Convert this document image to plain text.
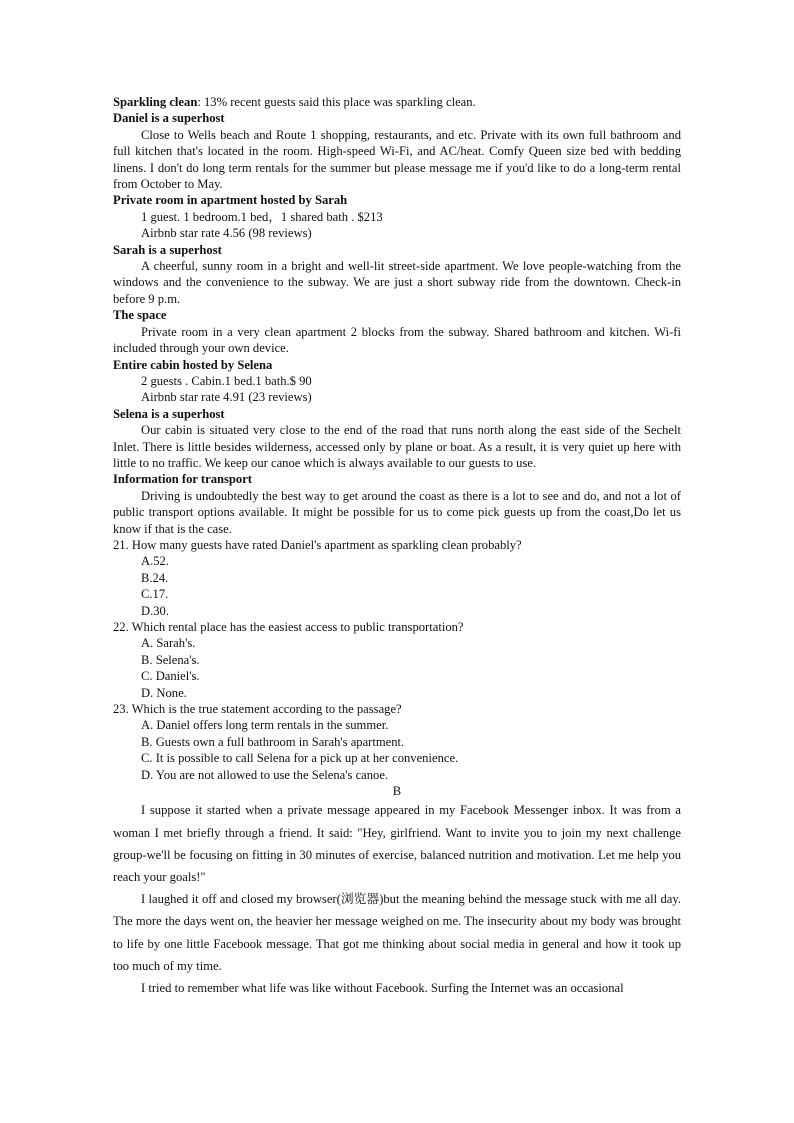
Sparkling clean: 13% recent guests said this place was sparkling clean.

Daniel is a superhost

Close to Wells beach and Route 1 shopping, restaurants, and etc. Private with its own full bathroom and full kitchen that's located in the room. High-speed Wi-Fi, and AC/heat. Comfy Queen size bed with bedding linens. I don't do long term rentals for the summer but please message me if you'd like to do a long-term rental from October to May.

Private room in apartment hosted by Sarah

1 guest. 1 bedroom.1 bed，1 shared bath . $213

Airbnb star rate 4.56 (98 reviews)

Sarah is a superhost

A cheerful, sunny room in a bright and well-lit street-side apartment. We love people-watching from the windows and the convenience to the subway. We are just a short subway ride from the downtown. Check-in before 9 p.m.

The space

Private room in a very clean apartment 2 blocks from the subway. Shared bathroom and kitchen. Wi-fi included through your own device.

Entire cabin hosted by Selena

2 guests . Cabin.1 bed.1 bath.$ 90

Airbnb star rate 4.91 (23 reviews)

Selena is a superhost

Our cabin is situated very close to the end of the road that runs north along the east side of the Sechelt Inlet. There is little besides wilderness, accessed only by plane or boat. As a result, it is very quiet up here with little to no traffic. We keep our canoe which is always available to our guests to use.

Information for transport

Driving is undoubtedly the best way to get around the coast as there is a lot to see and do, and not a lot of public transport options available. It might be possible for us to come pick guests up from the coast,Do let us know if that is the case.

21. How many guests have rated Daniel's apartment as sparkling clean probably?

A.52.

B.24.

C.17.

D.30.

22. Which rental place has the easiest access to public transportation?

A. Sarah's.

B. Selena's.

C. Daniel's.

D. None.

23. Which is the true statement according to the passage?

A. Daniel offers long term rentals in the summer.

B. Guests own a full bathroom in Sarah's apartment.

C. It is possible to call Selena for a pick up at her convenience.

D. You are not allowed to use the Selena's canoe.

B

I suppose it started when a private message appeared in my Facebook Messenger inbox. It was from a woman I met briefly through a friend. It said: "Hey, girlfriend. Want to invite you to join my next challenge group-we'll be focusing on fitting in 30 minutes of exercise, balanced nutrition and motivation. Let me help you reach your goals!"

I laughed it off and closed my browser(浏览器)but the meaning behind the message stuck with me all day. The more the days went on, the heavier her message weighed on me. The insecurity about my body was brought to life by one little Facebook message. That got me thinking about social media in general and how it took up too much of my time.

I tried to remember what life was like without Facebook. Surfing the Internet was an occasional
